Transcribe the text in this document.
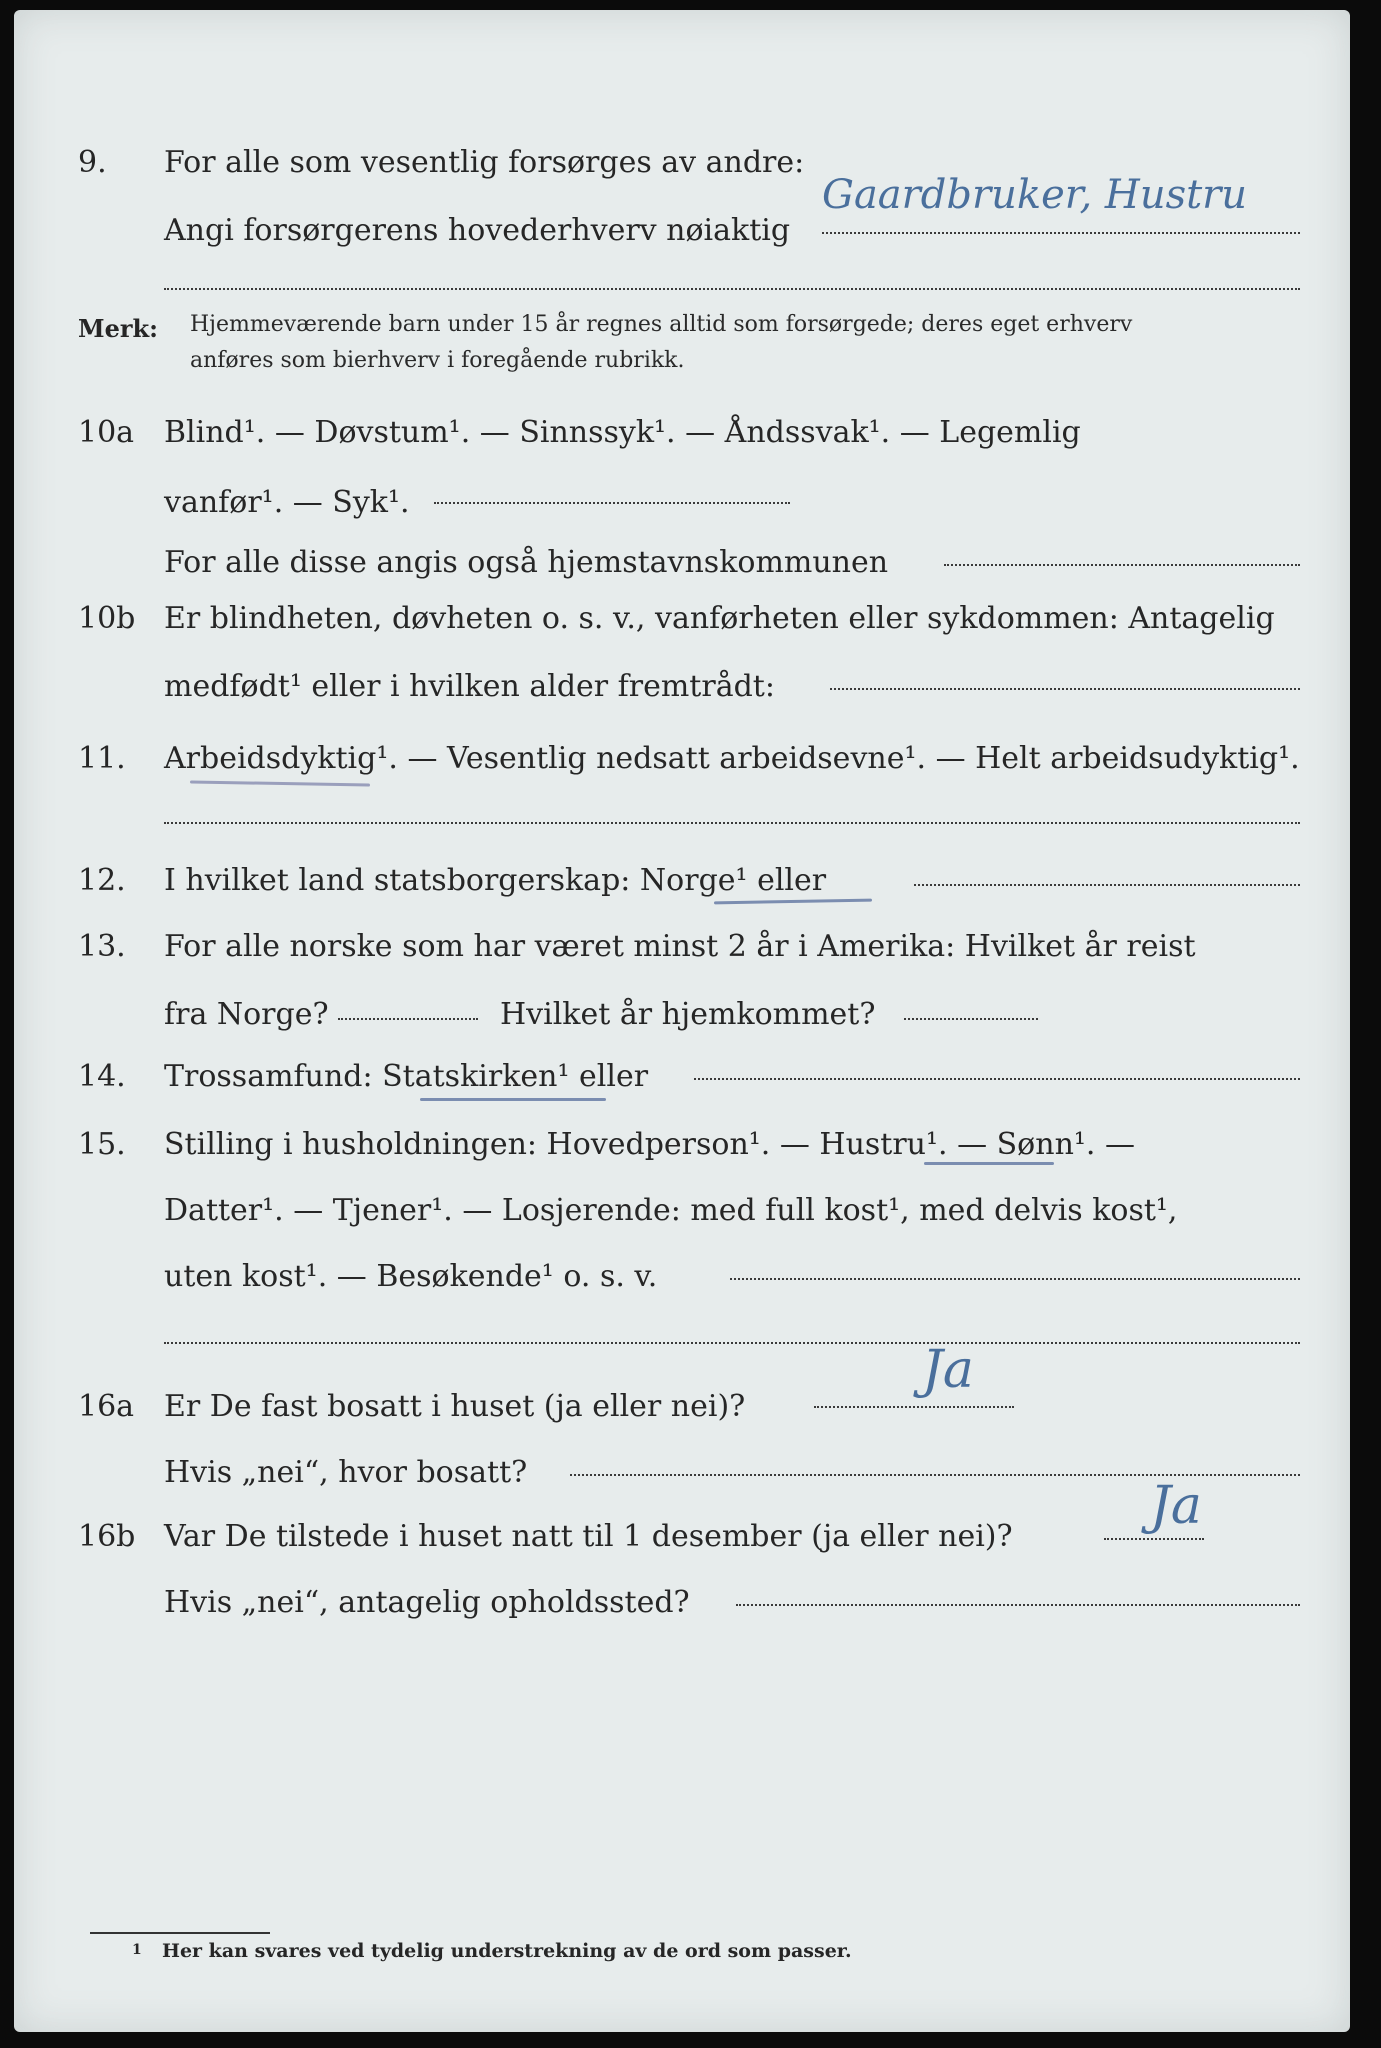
9. For alle som vesentlig forsørges av andre:
Angi forsørgerens hovederhverv nøiaktig
Gaardbruker, Hustru
Merk: Hjemmeværende barn under 15 år regnes alltid som forsørgede; deres eget erhverv
anføres som bierhverv i foregående rubrikk.
10a Blind¹. — Døvstum¹. — Sinnssyk¹. — Åndssvak¹. — Legemlig
vanfør¹. — Syk¹.
For alle disse angis også hjemstavnskommunen
10b Er blindheten, døvheten o. s. v., vanførheten eller sykdommen: Antagelig
medfødt¹ eller i hvilken alder fremtrådt:
11. Arbeidsdyktig¹. — Vesentlig nedsatt arbeidsevne¹. — Helt arbeidsudyktig¹.
12. I hvilket land statsborgerskap: Norge¹ eller
13. For alle norske som har været minst 2 år i Amerika: Hvilket år reist
fra Norge?	Hvilket år hjemkommet?
14. Trossamfund: Statskirken¹ eller
15. Stilling i husholdningen: Hovedperson¹. — Hustru¹. — Sønn¹. —
Datter¹. — Tjener¹. — Losjerende: med full kost¹, med delvis kost¹,
uten kost¹. — Besøkende¹ o. s. v.
16a Er De fast bosatt i huset (ja eller nei)?
Ja
Hvis „nei“, hvor bosatt?
16b Var De tilstede i huset natt til 1 desember (ja eller nei)?
Ja
Hvis „nei“, antagelig opholdssted?
1 Her kan svares ved tydelig understrekning av de ord som passer.
